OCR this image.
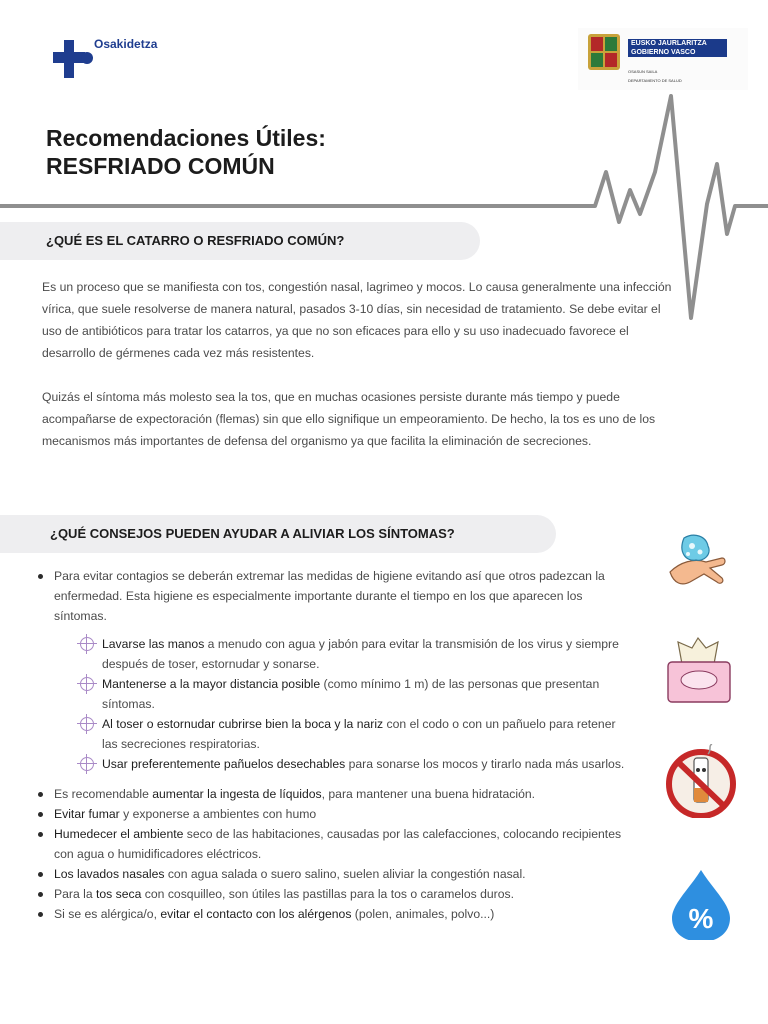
Osakidetza	EUSKO JAURLARITZA
GOBIERNO VASCO
OSASUN SAILA
DEPARTAMENTO DE SALUD
Recomendaciones Útiles:
RESFRIADO COMÚN
¿QUÉ ES EL CATARRO O RESFRIADO COMÚN?
Es un proceso que se manifiesta con tos, congestión nasal, lagrimeo y mocos. Lo causa generalmente una infección vírica, que suele resolverse de manera natural, pasados 3-10 días, sin necesidad de tratamiento. Se debe evitar el uso de antibióticos para tratar los catarros, ya que no son eficaces para ello y su uso inadecuado favorece el desarrollo de gérmenes cada vez más resistentes.
Quizás el síntoma más molesto sea la tos, que en muchas ocasiones persiste durante más tiempo y puede acompañarse de expectoración (flemas) sin que ello signifique un empeoramiento. De hecho, la tos es uno de los mecanismos más importantes de defensa del organismo ya que facilita la eliminación de secreciones.
¿QUÉ CONSEJOS PUEDEN AYUDAR A ALIVIAR LOS SÍNTOMAS?
Para evitar contagios se deberán extremar las medidas de higiene evitando así que otros padezcan la enfermedad. Esta higiene es especialmente importante durante el tiempo en los que aparecen los síntomas.
Lavarse las manos a menudo con agua y jabón para evitar la transmisión de los virus y siempre después de toser, estornudar y sonarse.
Mantenerse a la mayor distancia posible (como mínimo 1 m) de las personas que presentan síntomas.
Al toser o estornudar cubrirse bien la boca y la nariz con el codo o con un pañuelo para retener las secreciones respiratorias.
Usar preferentemente pañuelos desechables para sonarse los mocos y tirarlo nada más usarlos.
Es recomendable aumentar la ingesta de líquidos, para mantener una buena hidratación.
Evitar fumar y exponerse a ambientes con humo
Humedecer el ambiente seco de las habitaciones, causadas por las calefacciones, colocando recipientes con agua o humidificadores eléctricos.
Los lavados nasales con agua salada o suero salino, suelen aliviar la congestión nasal.
Para la tos seca con cosquilleo, son útiles las pastillas para la tos o caramelos duros.
Si se es alérgica/o, evitar el contacto con los alérgenos (polen, animales, polvo...)	%
